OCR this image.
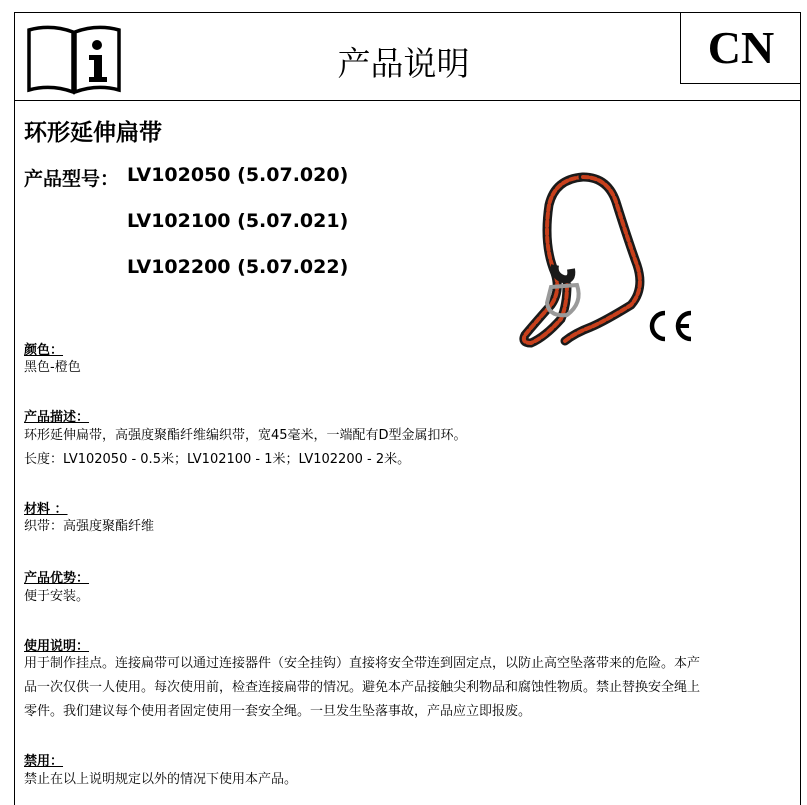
产品说明	CN
环形延伸扁带
产品型号： LV102050 (5.07.020)
LV102100 (5.07.021)
LV102200 (5.07.022)
颜色：
黑色-橙色
产品描述：
环形延伸扁带，高强度聚酯纤维编织带，宽45毫米，一端配有D型金属扣环。
长度：LV102050 - 0.5米；LV102100 - 1米；LV102200 - 2米。
材料 ：
织带：高强度聚酯纤维
产品优势：
便于安装。
使用说明：
用于制作挂点。连接扁带可以通过连接器件（安全挂钩）直接将安全带连到固定点，以防止高空坠落带来的危险。本产
品一次仅供一人使用。每次使用前，检查连接扁带的情况。避免本产品接触尖利物品和腐蚀性物质。禁止替换安全绳上
零件。我们建议每个使用者固定使用一套安全绳。一旦发生坠落事故，产品应立即报废。
禁用：
禁止在以上说明规定以外的情况下使用本产品。
